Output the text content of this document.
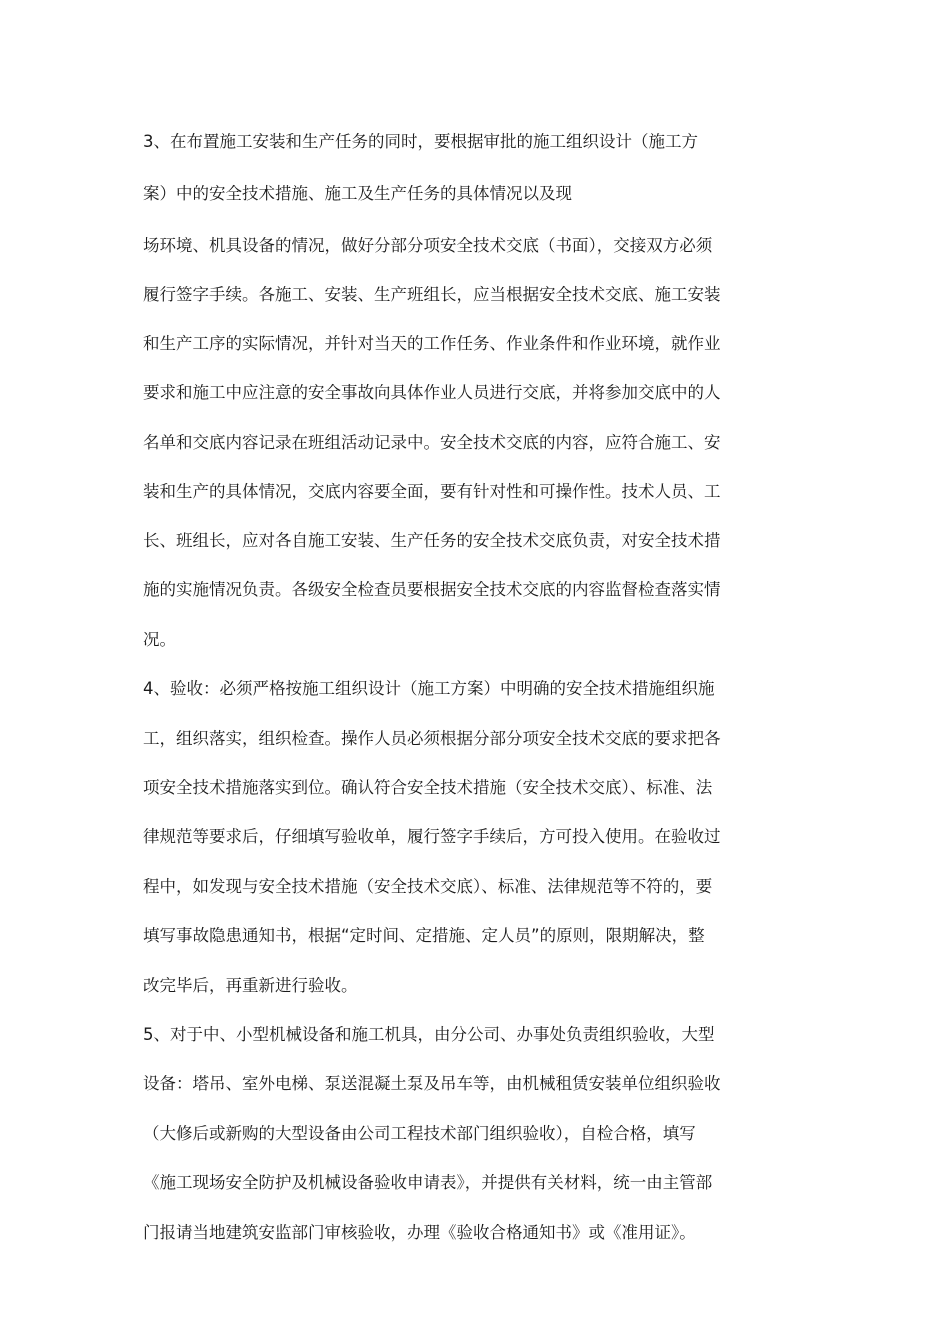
3、在布置施工安装和生产任务的同时，要根据审批的施工组织设计（施工方

案）中的安全技术措施、施工及生产任务的具体情况以及现

场环境、机具设备的情况，做好分部分项安全技术交底（书面），交接双方必须

履行签字手续。各施工、安装、生产班组长，应当根据安全技术交底、施工安装

和生产工序的实际情况，并针对当天的工作任务、作业条件和作业环境，就作业

要求和施工中应注意的安全事故向具体作业人员进行交底，并将参加交底中的人

名单和交底内容记录在班组活动记录中。安全技术交底的内容，应符合施工、安

装和生产的具体情况，交底内容要全面，要有针对性和可操作性。技术人员、工

长、班组长，应对各自施工安装、生产任务的安全技术交底负责，对安全技术措

施的实施情况负责。各级安全检查员要根据安全技术交底的内容监督检查落实情

况。

4、验收：必须严格按施工组织设计（施工方案）中明确的安全技术措施组织施

工，组织落实，组织检查。操作人员必须根据分部分项安全技术交底的要求把各

项安全技术措施落实到位。确认符合安全技术措施（安全技术交底）、标准、法

律规范等要求后，仔细填写验收单，履行签字手续后，方可投入使用。在验收过

程中，如发现与安全技术措施（安全技术交底）、标准、法律规范等不符的，要

填写事故隐患通知书，根据“定时间、定措施、定人员”的原则，限期解决，整

改完毕后，再重新进行验收。

5、对于中、小型机械设备和施工机具，由分公司、办事处负责组织验收，大型

设备：塔吊、室外电梯、泵送混凝土泵及吊车等，由机械租赁安装单位组织验收

（大修后或新购的大型设备由公司工程技术部门组织验收），自检合格，填写

《施工现场安全防护及机械设备验收申请表》，并提供有关材料，统一由主管部

门报请当地建筑安监部门审核验收，办理《验收合格通知书》或《准用证》。
